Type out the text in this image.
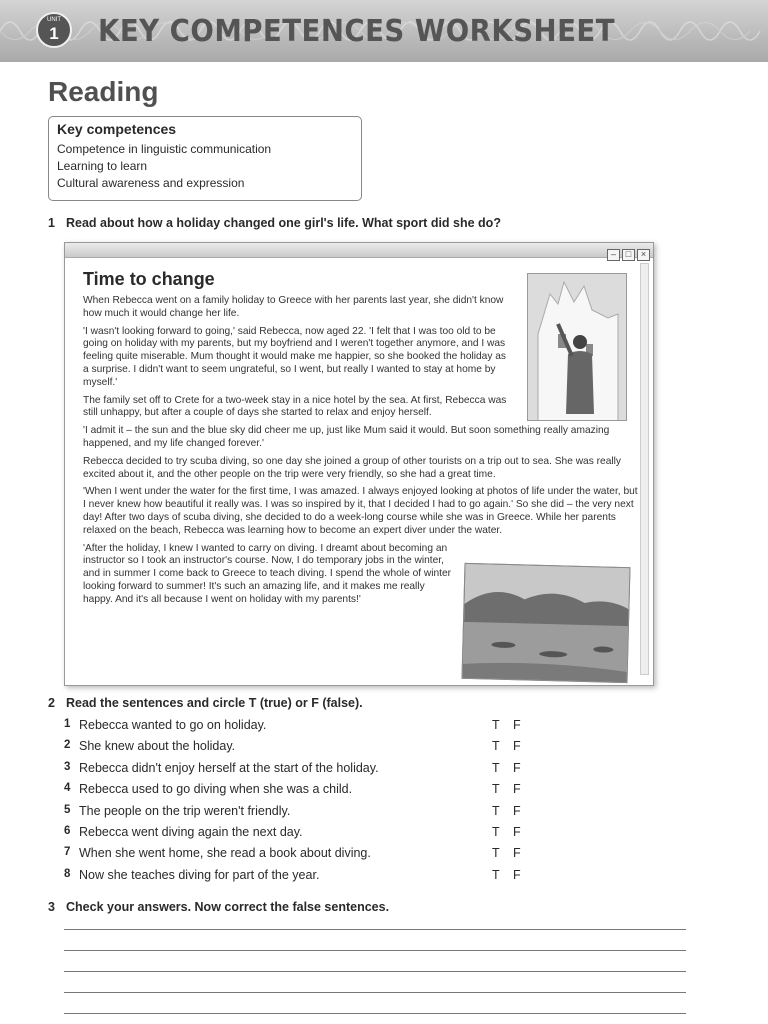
UNIT
1	KEY COMPETENCES WORKSHEET
Reading
Key competences
Competence in linguistic communication
Learning to learn
Cultural awareness and expression
1 Read about how a holiday changed one girl's life. What sport did she do?
– □ ×
Time to change

When Rebecca went on a family holiday to Greece with her parents last year, she didn't know how much it would change her life.

'I wasn't looking forward to going,' said Rebecca, now aged 22. 'I felt that I was too old to be going on holiday with my parents, but my boyfriend and I weren't together anymore, and I was feeling quite miserable. Mum thought it would make me happier, so she booked the holiday as a surprise. I didn't want to seem ungrateful, so I went, but really I wanted to stay at home by myself.'

The family set off to Crete for a two-week stay in a nice hotel by the sea. At first, Rebecca was still unhappy, but after a couple of days she started to relax and enjoy herself.

'I admit it – the sun and the blue sky did cheer me up, just like Mum said it would. But soon something really amazing happened, and my life changed forever.'

Rebecca decided to try scuba diving, so one day she joined a group of other tourists on a trip out to sea. She was really excited about it, and the other people on the trip were very friendly, so she had a great time.

'When I went under the water for the first time, I was amazed. I always enjoyed looking at photos of life under the water, but I never knew how beautiful it really was. I was so inspired by it, that I decided I had to go again.' So she did – the very next day! After two days of scuba diving, she decided to do a week-long course while she was in Greece. While her parents relaxed on the beach, Rebecca was learning how to become an expert diver under the water.

'After the holiday, I knew I wanted to carry on diving. I dreamt about becoming an instructor so I took an instructor's course. Now, I do temporary jobs in the winter, and in summer I come back to Greece to teach diving. I spend the whole of winter looking forward to summer! It's such an amazing life, and it makes me really happy. And it's all because I went on holiday with my parents!'

2 Read the sentences and circle T (true) or F (false).
1 Rebecca wanted to go on holiday.	T F
2 She knew about the holiday.	T F
3 Rebecca didn't enjoy herself at the start of the holiday.	T F
4 Rebecca used to go diving when she was a child.	T F
5 The people on the trip weren't friendly.	T F
6 Rebecca went diving again the next day.	T F
7 When she went home, she read a book about diving.	T F
8 Now she teaches diving for part of the year.	T F
3 Check your answers. Now correct the false sentences.
